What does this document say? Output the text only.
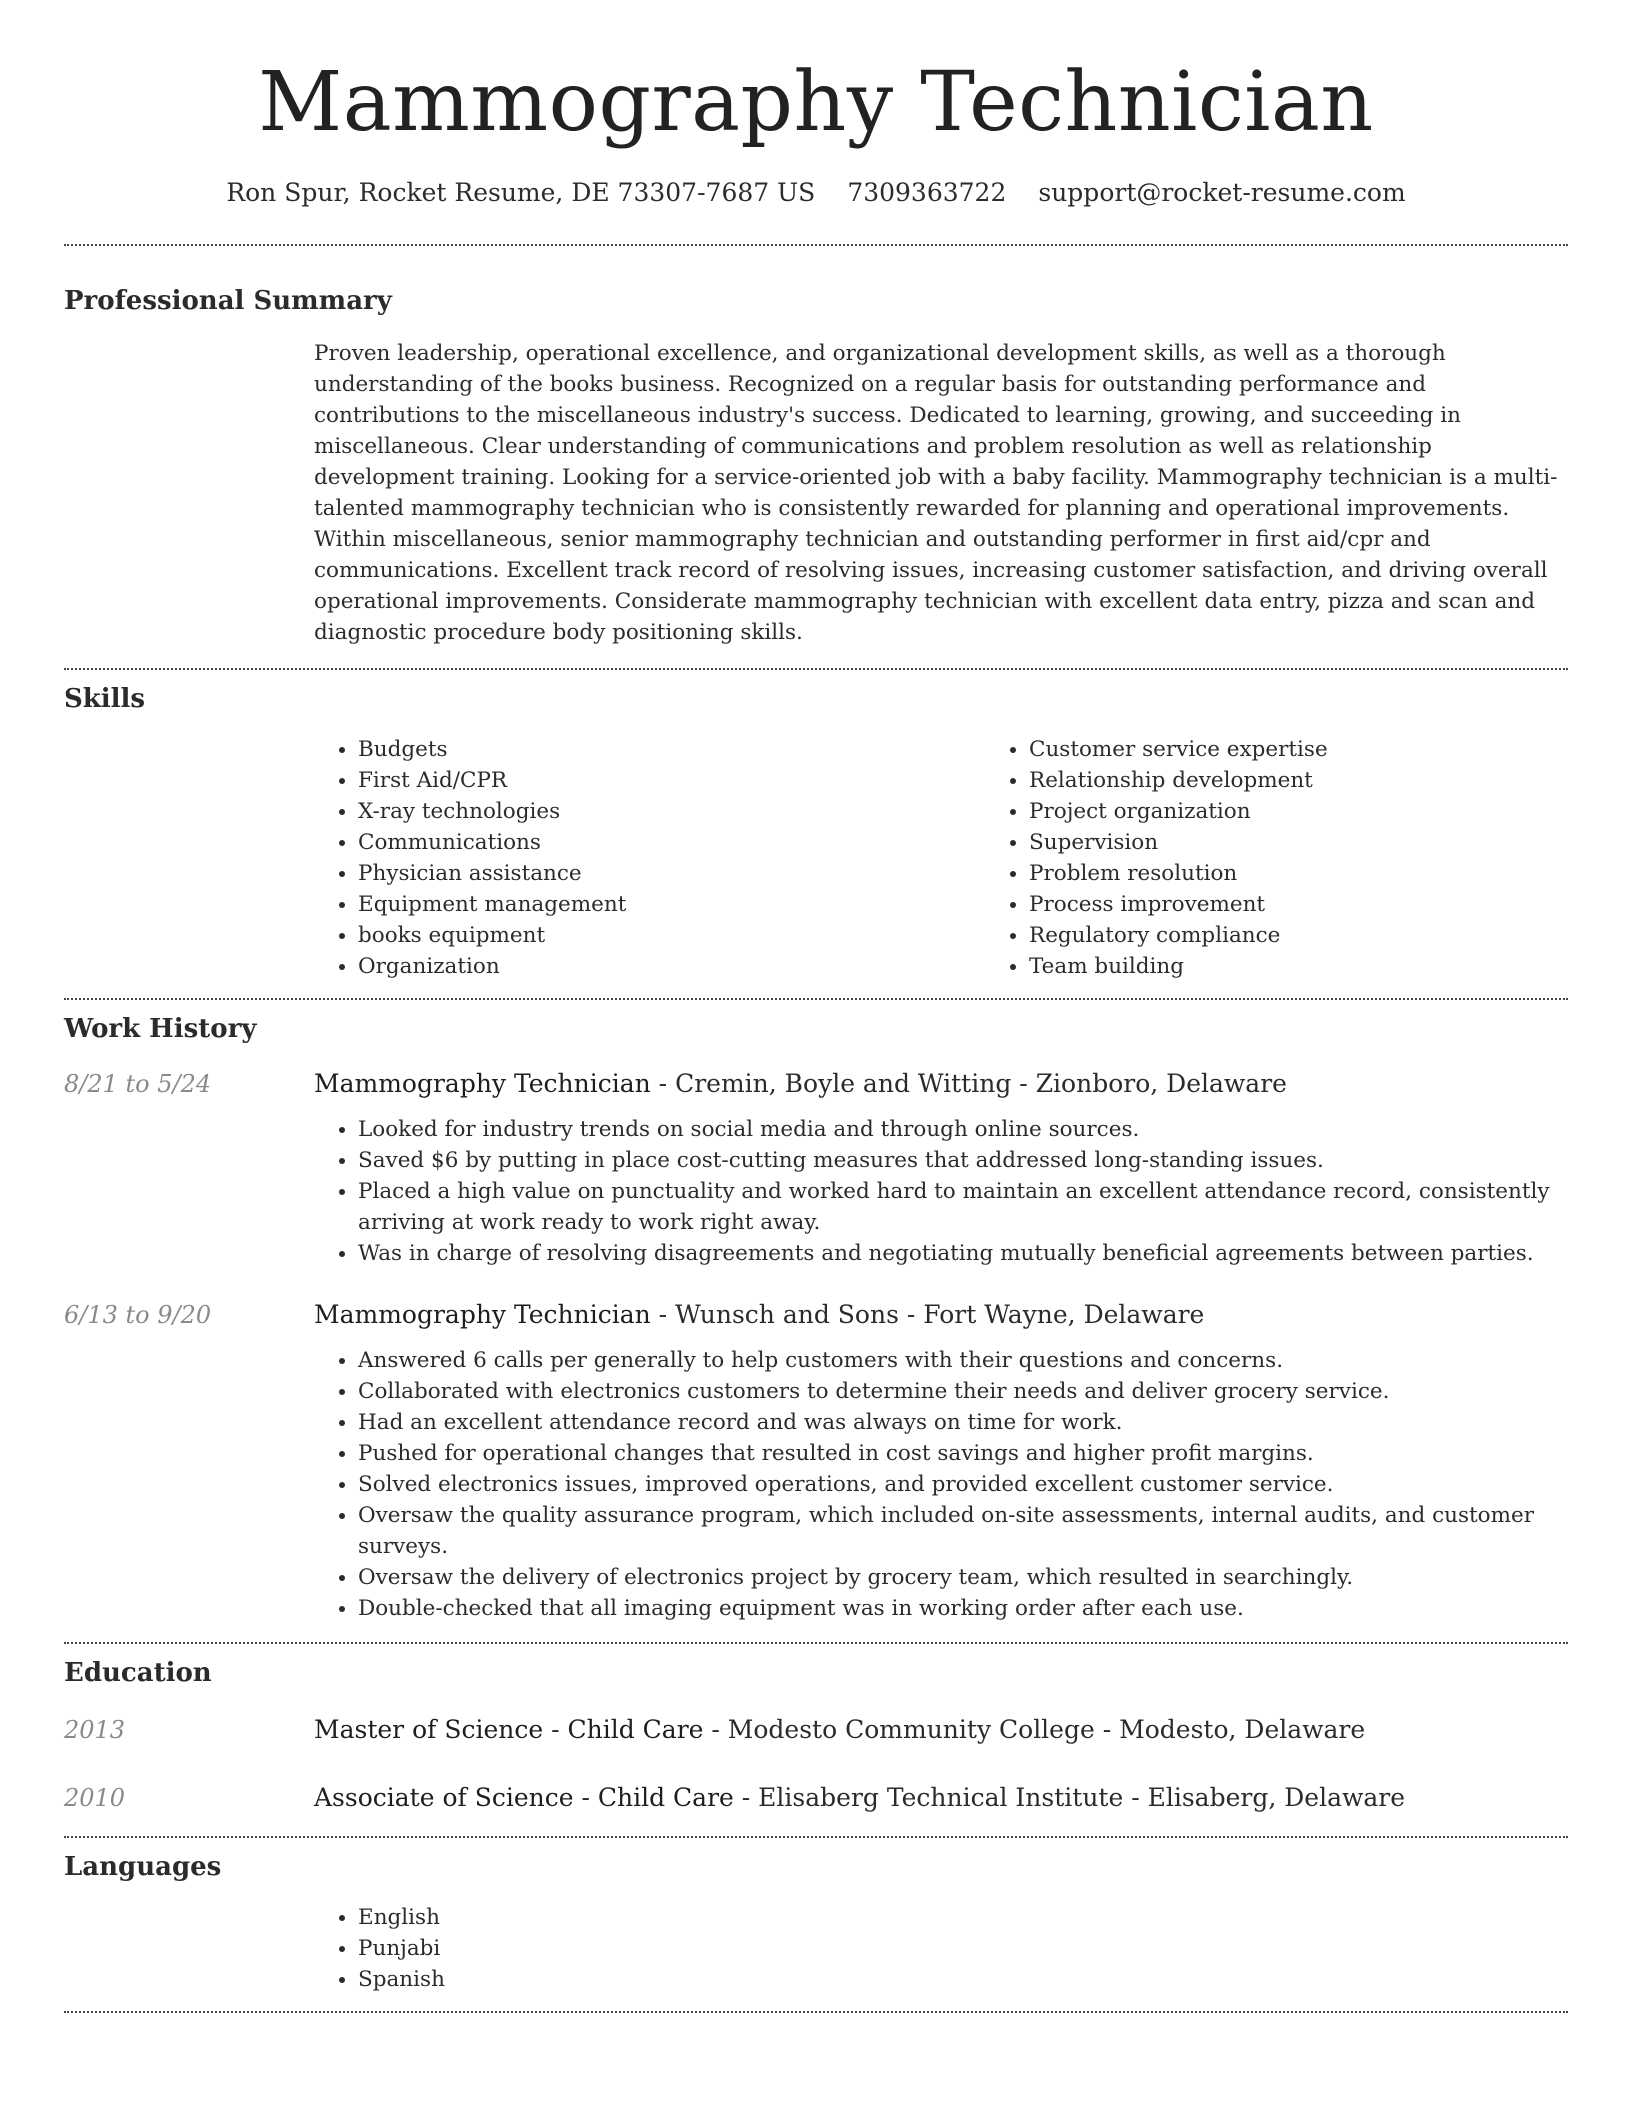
Mammography Technician
Ron Spur, Rocket Resume, DE 73307-7687 US 7309363722 support@rocket-resume.com
Professional Summary

Proven leadership, operational excellence, and organizational development skills, as well as a thorough understanding of the books business. Recognized on a regular basis for outstanding performance and contributions to the miscellaneous industry's success. Dedicated to learning, growing, and succeeding in miscellaneous. Clear understanding of communications and problem resolution as well as relationship development training. Looking for a service-oriented job with a baby facility. Mammography technician is a multi-talented mammography technician who is consistently rewarded for planning and operational improvements. Within miscellaneous, senior mammography technician and outstanding performer in first aid/cpr and communications. Excellent track record of resolving issues, increasing customer satisfaction, and driving overall operational improvements. Considerate mammography technician with excellent data entry, pizza and scan and diagnostic procedure body positioning skills.

Skills
• Budgets
• First Aid/CPR
• X-ray technologies
• Communications
• Physician assistance
• Equipment management
• books equipment
• Organization
• Customer service expertise
• Relationship development
• Project organization
• Supervision
• Problem resolution
• Process improvement
• Regulatory compliance
• Team building
Work History
8/21 to 5/24	Mammography Technician - Cremin, Boyle and Witting - Zionboro, Delaware

• Looked for industry trends on social media and through online sources.
• Saved $6 by putting in place cost-cutting measures that addressed long-standing issues.
• Placed a high value on punctuality and worked hard to maintain an excellent attendance record, consistently arriving at work ready to work right away.
• Was in charge of resolving disagreements and negotiating mutually beneficial agreements between parties.
6/13 to 9/20	Mammography Technician - Wunsch and Sons - Fort Wayne, Delaware

• Answered 6 calls per generally to help customers with their questions and concerns.
• Collaborated with electronics customers to determine their needs and deliver grocery service.
• Had an excellent attendance record and was always on time for work.
• Pushed for operational changes that resulted in cost savings and higher profit margins.
• Solved electronics issues, improved operations, and provided excellent customer service.
• Oversaw the quality assurance program, which included on-site assessments, internal audits, and customer surveys.
• Oversaw the delivery of electronics project by grocery team, which resulted in searchingly.
• Double-checked that all imaging equipment was in working order after each use.
Education
2013	Master of Science - Child Care - Modesto Community College - Modesto, Delaware

2010	Associate of Science - Child Care - Elisaberg Technical Institute - Elisaberg, Delaware

Languages
• English
• Punjabi
• Spanish
